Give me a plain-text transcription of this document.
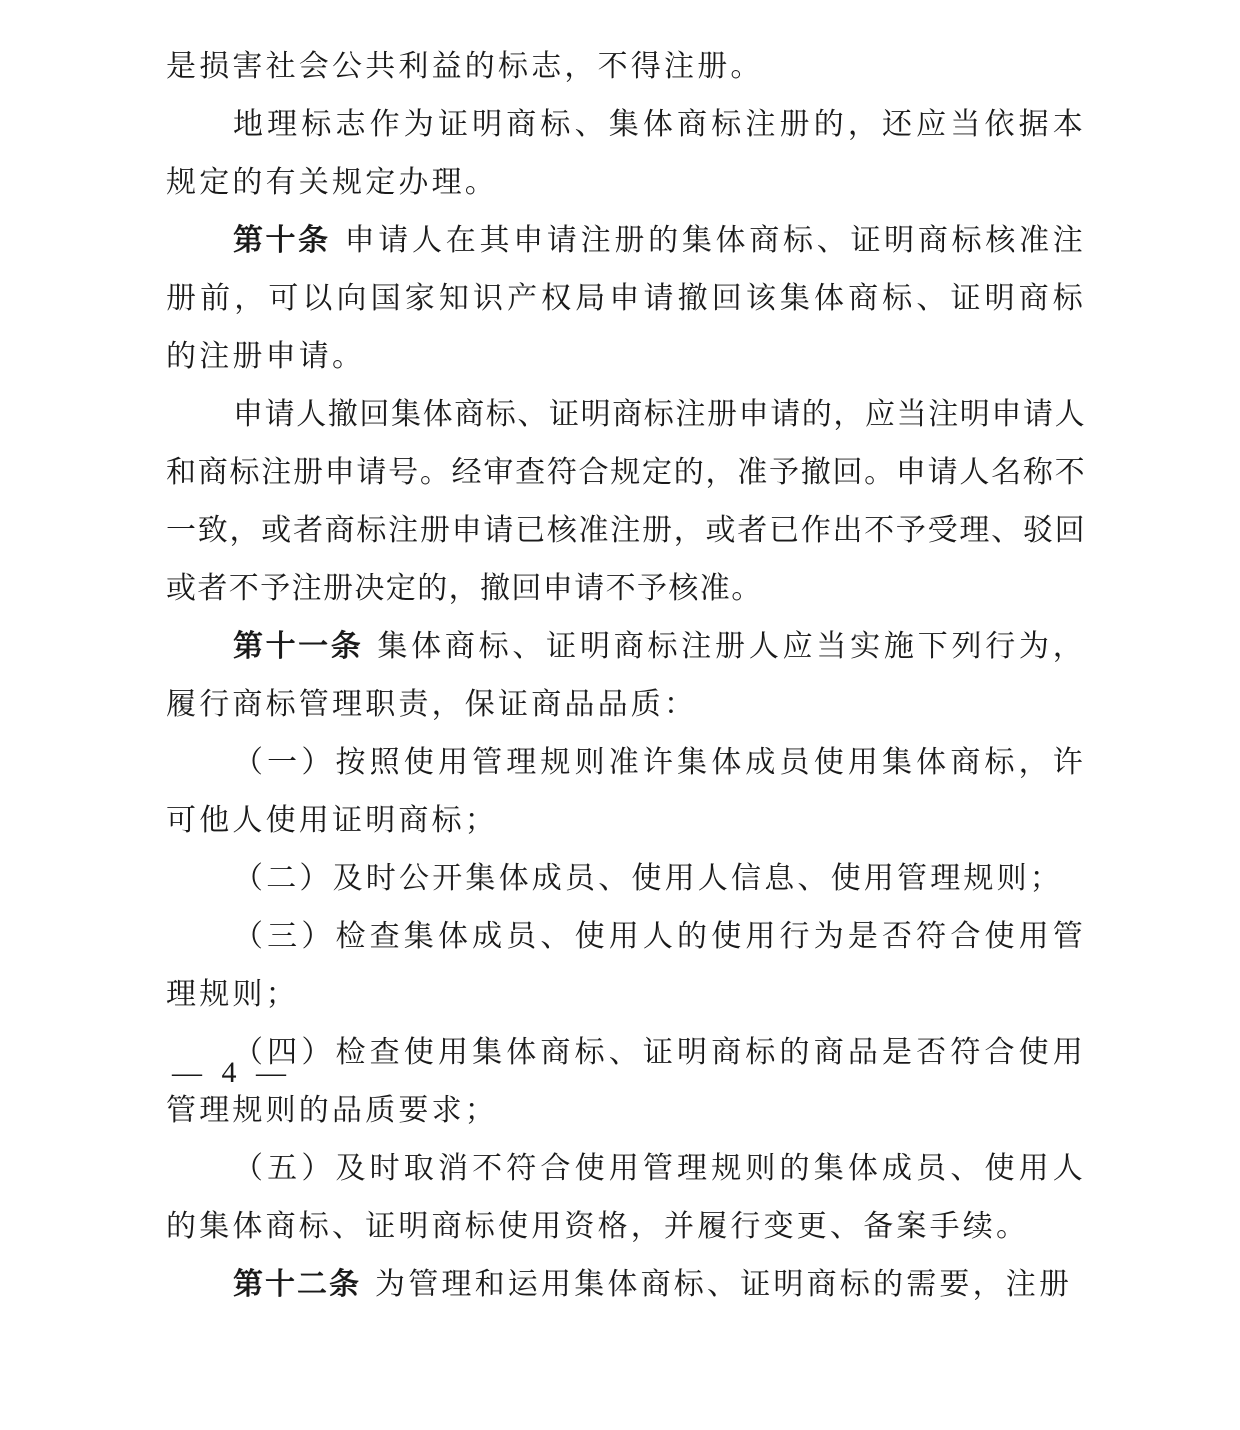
是损害社会公共利益的标志，不得注册。

地理标志作为证明商标、集体商标注册的，还应当依据本规定的有关规定办理。

第十条 申请人在其申请注册的集体商标、证明商标核准注册前，可以向国家知识产权局申请撤回该集体商标、证明商标的注册申请。

申请人撤回集体商标、证明商标注册申请的，应当注明申请人和商标注册申请号。经审查符合规定的，准予撤回。申请人名称不一致，或者商标注册申请已核准注册，或者已作出不予受理、驳回或者不予注册决定的，撤回申请不予核准。

第十一条 集体商标、证明商标注册人应当实施下列行为，履行商标管理职责，保证商品品质：

（一）按照使用管理规则准许集体成员使用集体商标，许可他人使用证明商标；

（二）及时公开集体成员、使用人信息、使用管理规则；

（三）检查集体成员、使用人的使用行为是否符合使用管理规则；

（四）检查使用集体商标、证明商标的商品是否符合使用管理规则的品质要求；

（五）及时取消不符合使用管理规则的集体成员、使用人的集体商标、证明商标使用资格，并履行变更、备案手续。

第十二条 为管理和运用集体商标、证明商标的需要，注册

— 4 —
